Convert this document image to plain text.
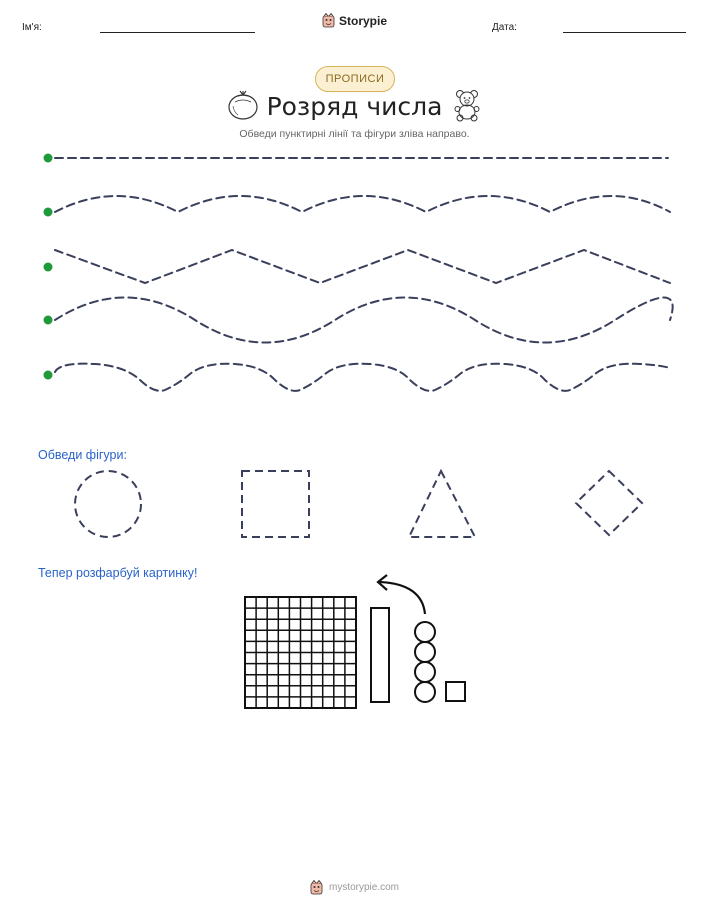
Ім'я:	Storypie	Дата:
ПРОПИСИ
Розряд числа
Обведи пунктирні лінії та фігури зліва направо.
Обведи фігури:
Тепер розфарбуй картинку!
mystorypie.com
